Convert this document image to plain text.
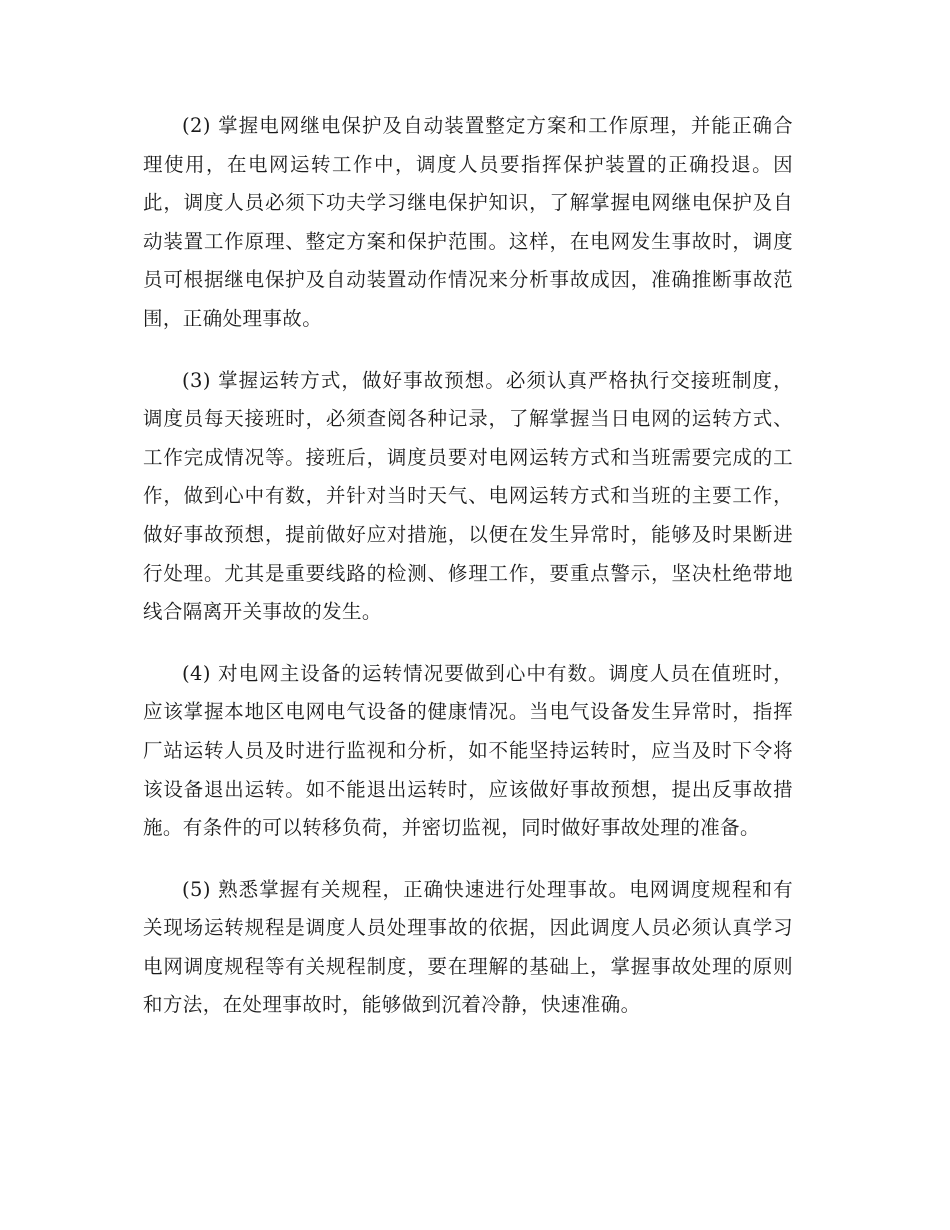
(2) 掌握电网继电保护及自动装置整定方案和工作原理，并能正确合理使用，在电网运转工作中，调度人员要指挥保护装置的正确投退。因此，调度人员必须下功夫学习继电保护知识，了解掌握电网继电保护及自动装置工作原理、整定方案和保护范围。这样，在电网发生事故时，调度员可根据继电保护及自动装置动作情况来分析事故成因，准确推断事故范围，正确处理事故。

(3) 掌握运转方式，做好事故预想。必须认真严格执行交接班制度，调度员每天接班时，必须查阅各种记录，了解掌握当日电网的运转方式、工作完成情况等。接班后，调度员要对电网运转方式和当班需要完成的工作，做到心中有数，并针对当时天气、电网运转方式和当班的主要工作，做好事故预想，提前做好应对措施，以便在发生异常时，能够及时果断进行处理。尤其是重要线路的检测、修理工作，要重点警示，坚决杜绝带地线合隔离开关事故的发生。

(4) 对电网主设备的运转情况要做到心中有数。调度人员在值班时，应该掌握本地区电网电气设备的健康情况。当电气设备发生异常时，指挥厂站运转人员及时进行监视和分析，如不能坚持运转时，应当及时下令将该设备退出运转。如不能退出运转时，应该做好事故预想，提出反事故措施。有条件的可以转移负荷，并密切监视，同时做好事故处理的准备。

(5) 熟悉掌握有关规程，正确快速进行处理事故。电网调度规程和有关现场运转规程是调度人员处理事故的依据，因此调度人员必须认真学习电网调度规程等有关规程制度，要在理解的基础上，掌握事故处理的原则和方法，在处理事故时，能够做到沉着冷静，快速准确。
